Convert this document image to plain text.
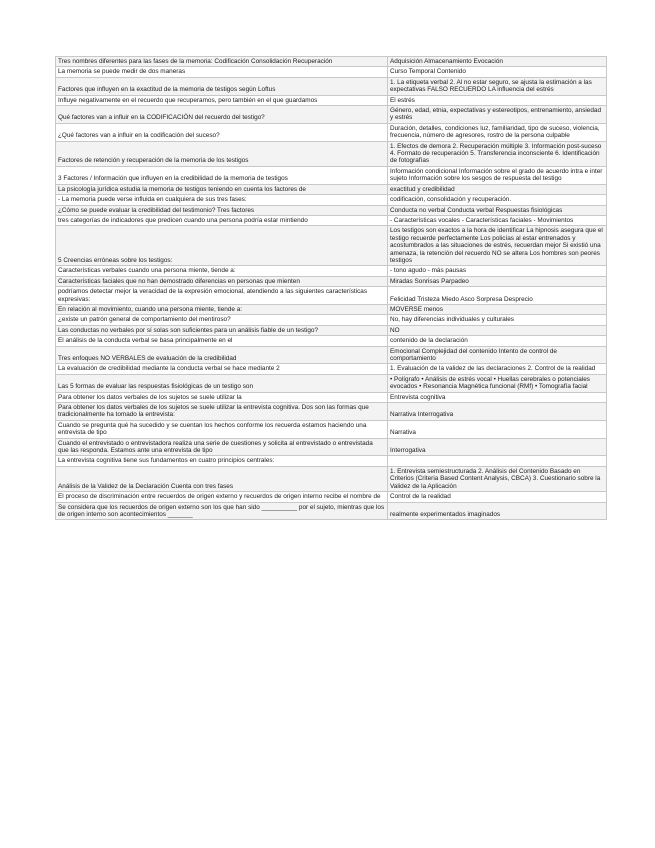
Tres nombres diferentes para las fases de la memoria: Codificación Consolidación Recuperación	Adquisición Almacenamiento Evocación
La memoria se puede medir de dos maneras	Curso Temporal Contenido
Factores que influyen en la exactitud de la memoria de testigos según Loftus	1. La etiqueta verbal 2. Al no estar seguro, se ajusta la estimación a las expectativas FALSO RECUERDO LA influencia del estrés
Influye negativamente en el recuerdo que recuperamos, pero también en el que guardamos	El estrés
Qué factores van a influir en la CODIFICACIÓN del recuerdo del testigo?	Género, edad, etnia, expectativas y estereotipos, entrenamiento, ansiedad y estrés
¿Qué factores van a influir en la codificación del suceso?	Duración, detalles, condiciones luz, familiaridad, tipo de suceso, violencia, frecuencia, número de agresores, rostro de la persona culpable
Factores de retención y recuperación de la memoria de los testigos	1. Efectos de demora 2. Recuperación múltiple 3. Información post-suceso 4. Formato de recuperación 5. Transferencia inconsciente 6. Identificación de fotografías
3 Factores / Información que influyen en la credibilidad de la memoria de testigos	Información condicional Información sobre el grado de acuerdo intra e inter sujeto Información sobre los sesgos de respuesta del testigo
La psicología jurídica estudia la memoria de testigos teniendo en cuenta los factores de	exactitud y credibilidad
- La memoria puede verse influida en cualquiera de sus tres fases:	codificación, consolidación y recuperación.
¿Cómo se puede evaluar la credibilidad del testimonio? Tres factores	Conducta no verbal Conducta verbal Respuestas fisiológicas
tres categorías de indicadores que predicen cuando una persona podría estar mintiendo	- Características vocales - Características faciales - Movimientos
5 Creencias erróneas sobre los testigos:	Los testigos son exactos a la hora de identificar La hipnosis asegura que el testigo recuerde perfectamente Los policías al estar entrenados y acostumbrados a las situaciones de estrés, recuerdan mejor Si existió una amenaza, la retención del recuerdo NO se altera Los hombres son peores testigos
Características verbales cuando una persona miente, tiende a:	- tono agudo - más pausas
Características faciales que no han demostrado diferencias en personas que mienten	Miradas Sonrisas Parpadeo
podríamos detectar mejor la veracidad de la expresión emocional, atendiendo a las siguientes características expresivas:	Felicidad Tristeza Miedo Asco Sorpresa Desprecio
En relación al movimiento, cuando una persona miente, tiende a:	MOVERSE menos
¿existe un patrón general de comportamiento del mentiroso?	No, hay diferencias individuales y culturales
Las conductas no verbales por sí solas son suficientes para un análisis fiable de un testigo?	NO
El análisis de la conducta verbal se basa principalmente en el	contenido de la declaración
Tres enfoques NO VERBALES de evaluación de la credibilidad	Emocional Complejidad del contenido Intento de control de comportamiento
La evaluación de credibilidad mediante la conducta verbal se hace mediante 2	1. Evaluación de la validez de las declaraciones 2. Control de la realidad
Las 5 formas de evaluar las respuestas fisiológicas de un testigo son	• Polígrafo • Análisis de estrés vocal • Huellas cerebrales o potenciales evocados • Resonancia Magnética funcional (RMf) • Tomografía facial
Para obtener los datos verbales de los sujetos se suele utilizar la	Entrevista cognitiva
Para obtener los datos verbales de los sujetos se suele utilizar la entrevista cognitiva. Dos son las formas que tradicionalmente ha tomado la entrevista:	Narrativa Interrogativa
Cuando se pregunta qué ha sucedido y se cuentan los hechos conforme los recuerda estamos haciendo una entrevista de tipo	Narrativa
Cuando el entrevistado o entrevistadora realiza una serie de cuestiones y solicita al entrevistado o entrevistada que las responda. Estamos ante una entrevista de tipo	Interrogativa
La entrevista cognitiva tiene sus fundamentos en cuatro principios centrales:	
Análisis de la Validez de la Declaración Cuenta con tres fases	1. Entrevista semiestructurada 2. Análisis del Contenido Basado en Criterios (Criteria Based Content Analysis, CBCA) 3. Cuestionario sobre la Validez de la Aplicación
El proceso de discriminación entre recuerdos de origen externo y recuerdos de origen interno recibe el nombre de	Control de la realidad
Se considera que los recuerdos de origen externo son los que han sido __________ por el sujeto, mientras que los de origen interno son acontecimientos _______	realmente experimentados imaginados
